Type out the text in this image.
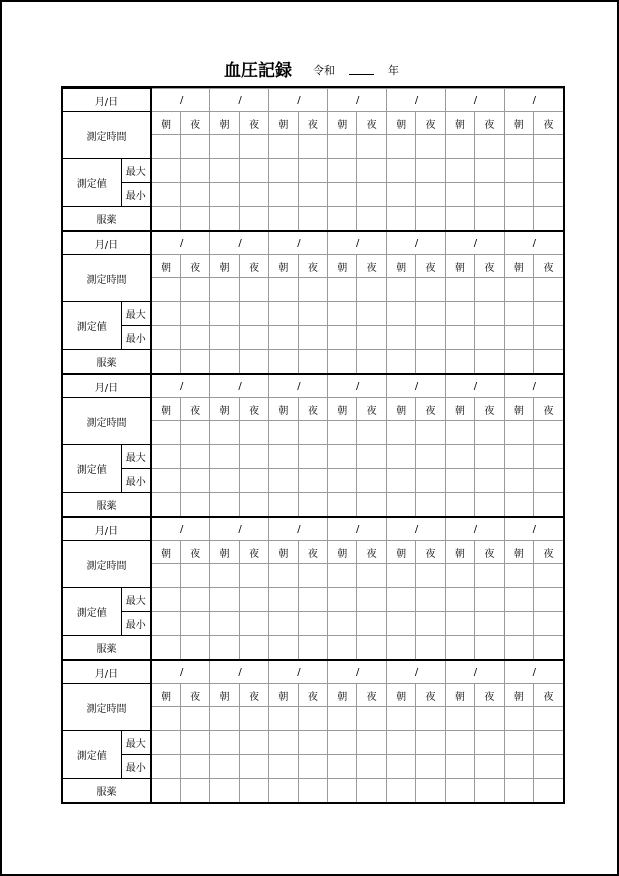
血圧記録 令和	年
月/日		/		/		/		/		/		/		/	
測定時間		朝	夜	朝	夜	朝	夜	朝	夜	朝	夜	朝	夜	朝	夜

測定値	最大														
	最小														
服薬															
月/日		/		/		/		/		/		/		/	
測定時間		朝	夜	朝	夜	朝	夜	朝	夜	朝	夜	朝	夜	朝	夜

測定値	最大														
	最小														
服薬															
月/日		/		/		/		/		/		/		/	
測定時間		朝	夜	朝	夜	朝	夜	朝	夜	朝	夜	朝	夜	朝	夜

測定値	最大														
	最小														
服薬															
月/日		/		/		/		/		/		/		/	
測定時間		朝	夜	朝	夜	朝	夜	朝	夜	朝	夜	朝	夜	朝	夜

測定値	最大														
	最小														
服薬															
月/日		/		/		/		/		/		/		/	
測定時間		朝	夜	朝	夜	朝	夜	朝	夜	朝	夜	朝	夜	朝	夜

測定値	最大														
	最小														
服薬															
